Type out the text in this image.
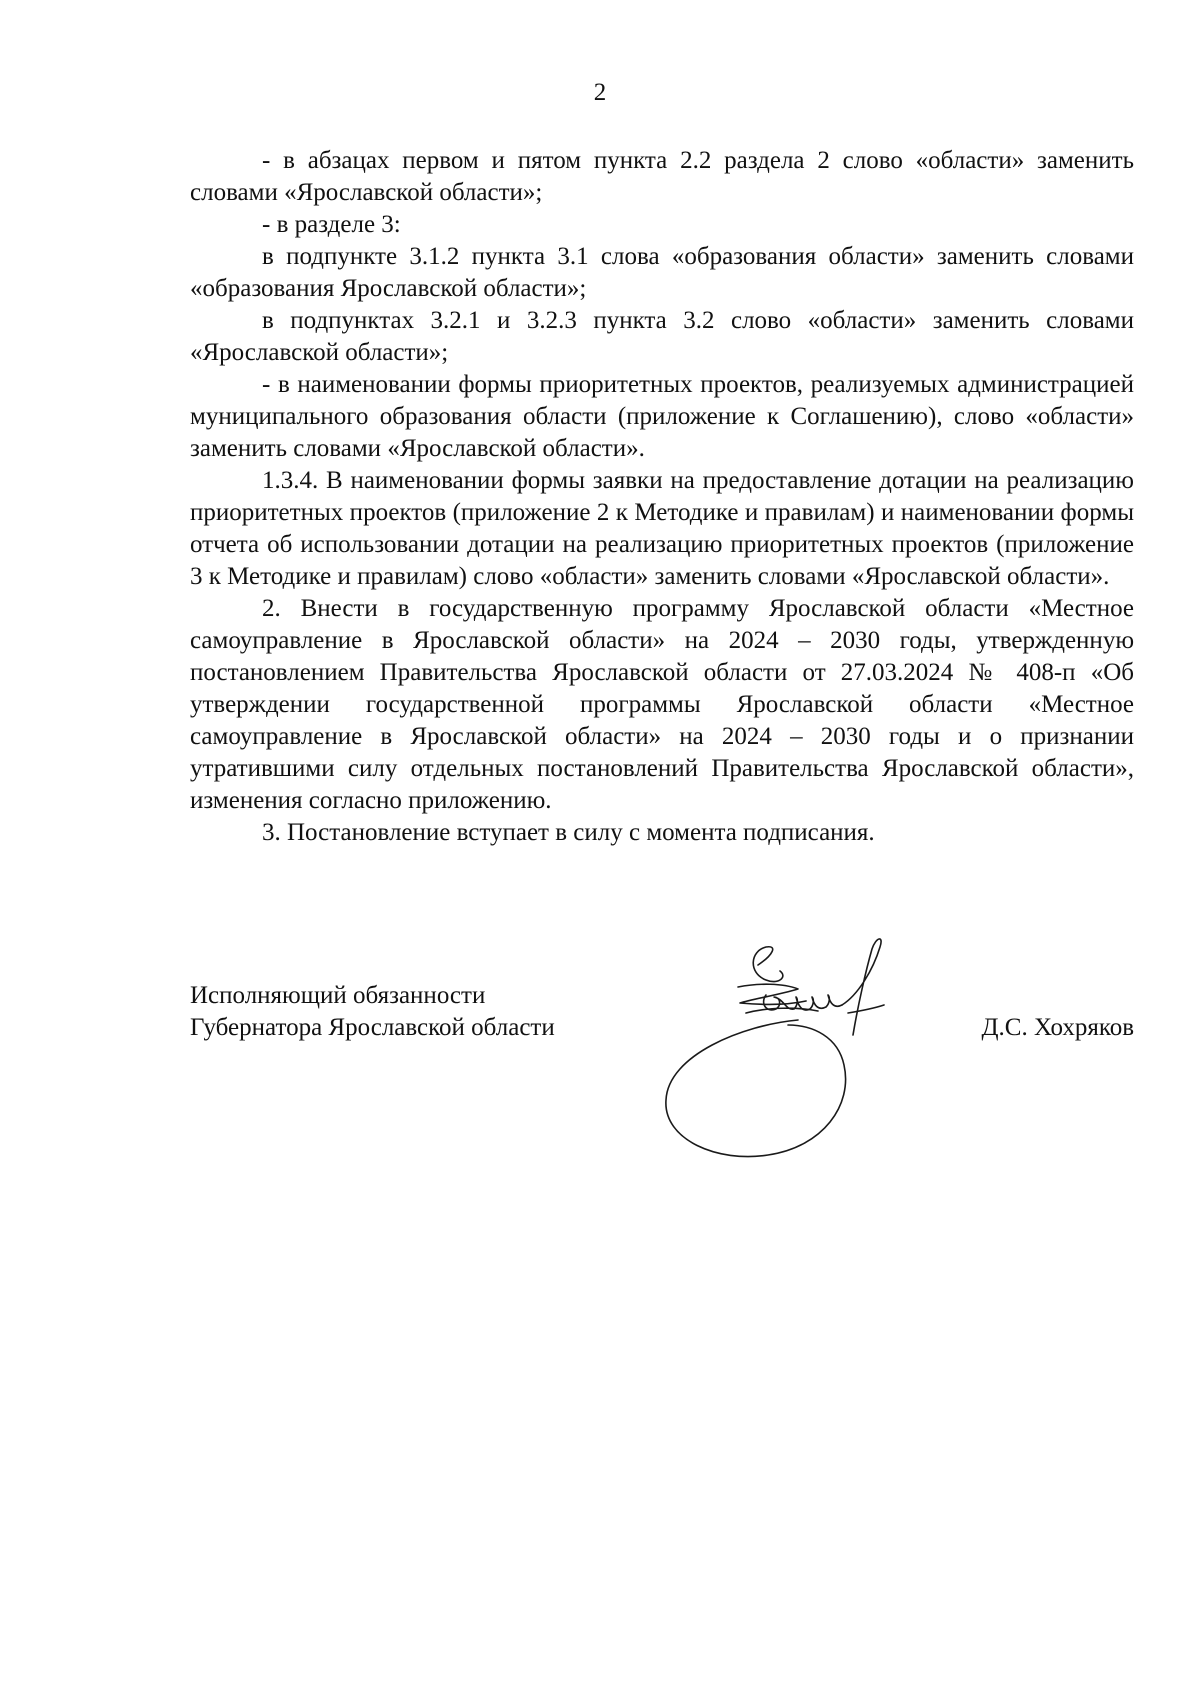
2

- в абзацах первом и пятом пункта 2.2 раздела 2 слово «области» заменить словами «Ярославской области»;

- в разделе 3:

в подпункте 3.1.2 пункта 3.1 слова «образования области» заменить словами «образования Ярославской области»;

в подпунктах 3.2.1 и 3.2.3 пункта 3.2 слово «области» заменить словами «Ярославской области»;

- в наименовании формы приоритетных проектов, реализуемых администрацией муниципального образования области (приложение к Соглашению), слово «области» заменить словами «Ярославской области».

1.3.4. В наименовании формы заявки на предоставление дотации на реализацию приоритетных проектов (приложение 2 к Методике и правилам) и наименовании формы отчета об использовании дотации на реализацию приоритетных проектов (приложение 3 к Методике и правилам) слово «области» заменить словами «Ярославской области».

2. Внести в государственную программу Ярославской области «Местное самоуправление в Ярославской области» на 2024 – 2030 годы, утвержденную постановлением Правительства Ярославской области от 27.03.2024 № 408-п «Об утверждении государственной программы Ярославской области «Местное самоуправление в Ярославской области» на 2024 – 2030 годы и о признании утратившими силу отдельных постановлений Правительства Ярославской области», изменения согласно приложению.

3. Постановление вступает в силу с момента подписания.

Исполняющий обязанности
Губернатора Ярославской области	Д.С. Хохряков
